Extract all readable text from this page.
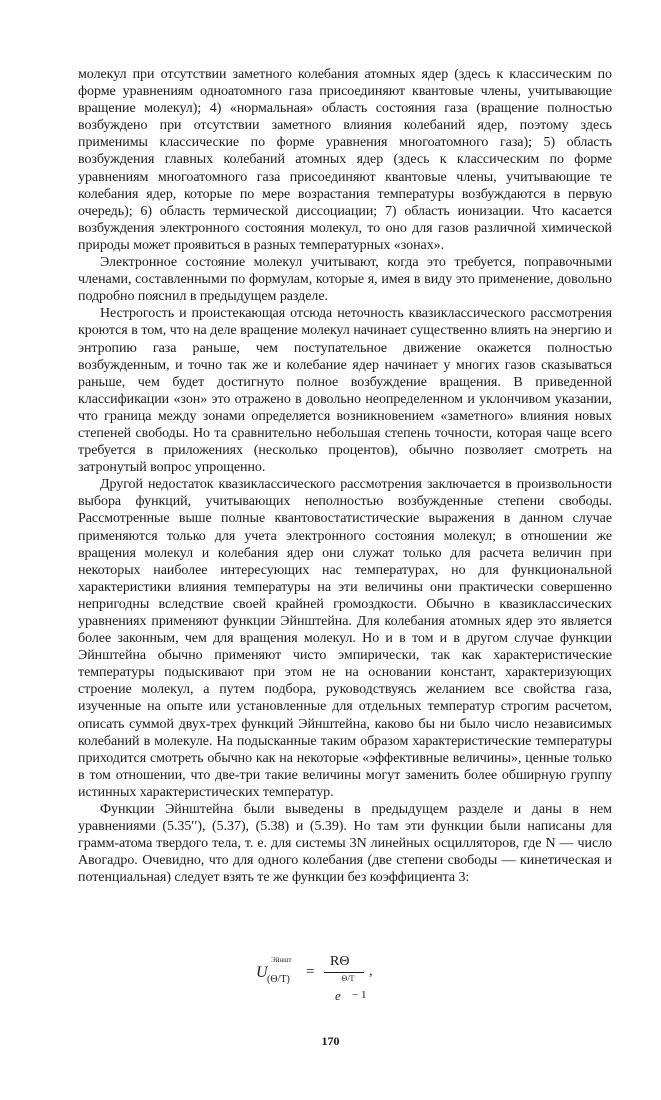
молекул при отсутствии заметного колебания атомных ядер (здесь к классическим по форме уравнениям одноатомного газа присоединяют квантовые члены, учитывающие вращение молекул); 4) «нормальная» область состояния газа (вращение полностью возбуждено при отсутствии заметного влияния колебаний ядер, поэтому здесь применимы классические по форме уравнения многоатомного газа); 5) область возбуждения главных колебаний атомных ядер (здесь к классическим по форме уравнениям многоатомного газа присоединяют квантовые члены, учитывающие те колебания ядер, которые по мере возрастания температуры возбуждаются в первую очередь); 6) область термической диссоциации; 7) область ионизации. Что касается возбуждения электронного состояния молекул, то оно для газов различной химической природы может проявиться в разных температурных «зонах».

Электронное состояние молекул учитывают, когда это требуется, поправочными членами, составленными по формулам, которые я, имея в виду это применение, довольно подробно пояснил в предыдущем разделе.

Нестрогость и проистекающая отсюда неточность квазиклассического рассмотрения кроются в том, что на деле вращение молекул начинает существенно влиять на энергию и энтропию газа раньше, чем поступательное движение окажется полностью возбужденным, и точно так же и колебание ядер начинает у многих газов сказываться раньше, чем будет достигнуто полное возбуждение вращения. В приведенной классификации «зон» это отражено в довольно неопределенном и уклончивом указании, что граница между зонами определяется возникновением «заметного» влияния новых степеней свободы. Но та сравнительно небольшая степень точности, которая чаще всего требуется в приложениях (несколько процентов), обычно позволяет смотреть на затронутый вопрос упрощенно.

Другой недостаток квазиклассического рассмотрения заключается в произвольности выбора функций, учитывающих неполностью возбужденные степени свободы. Рассмотренные выше полные квантовостатистические выражения в данном случае применяются только для учета электронного состояния молекул; в отношении же вращения молекул и колебания ядер они служат только для расчета величин при некоторых наиболее интересующих нас температурах, но для функциональной характеристики влияния температуры на эти величины они практически совершенно непригодны вследствие своей крайней громоздкости. Обычно в квазиклассических уравнениях применяют функции Эйнштейна. Для колебания атомных ядер это является более законным, чем для вращения молекул. Но и в том и в другом случае функции Эйнштейна обычно применяют чисто эмпирически, так как характеристические температуры подыскивают при этом не на основании констант, характеризующих строение молекул, а путем подбора, руководствуясь желанием все свойства газа, изученные на опыте или установленные для отдельных температур строгим расчетом, описать суммой двух-трех функций Эйнштейна, каково бы ни было число независимых колебаний в молекуле. На подысканные таким образом характеристические температуры приходится смотреть обычно как на некоторые «эффективные величины», ценные только в том отношении, что две-три такие величины могут заменить более обширную группу истинных характеристических температур.

Функции Эйнштейна были выведены в предыдущем разделе и даны в нем уравнениями (5.35′′), (5.37), (5.38) и (5.39). Но там эти функции были написаны для грамм-атома твердого тела, т. е. для системы 3N линейных осцилляторов, где N — число Авогадро. Очевидно, что для одного колебания (две степени свободы — кинетическая и потенциальная) следует взять те же функции без коэффициента 3:

U
Эйншт
(Θ/T) =
RΘ
Θ/T
e − 1
,
170
